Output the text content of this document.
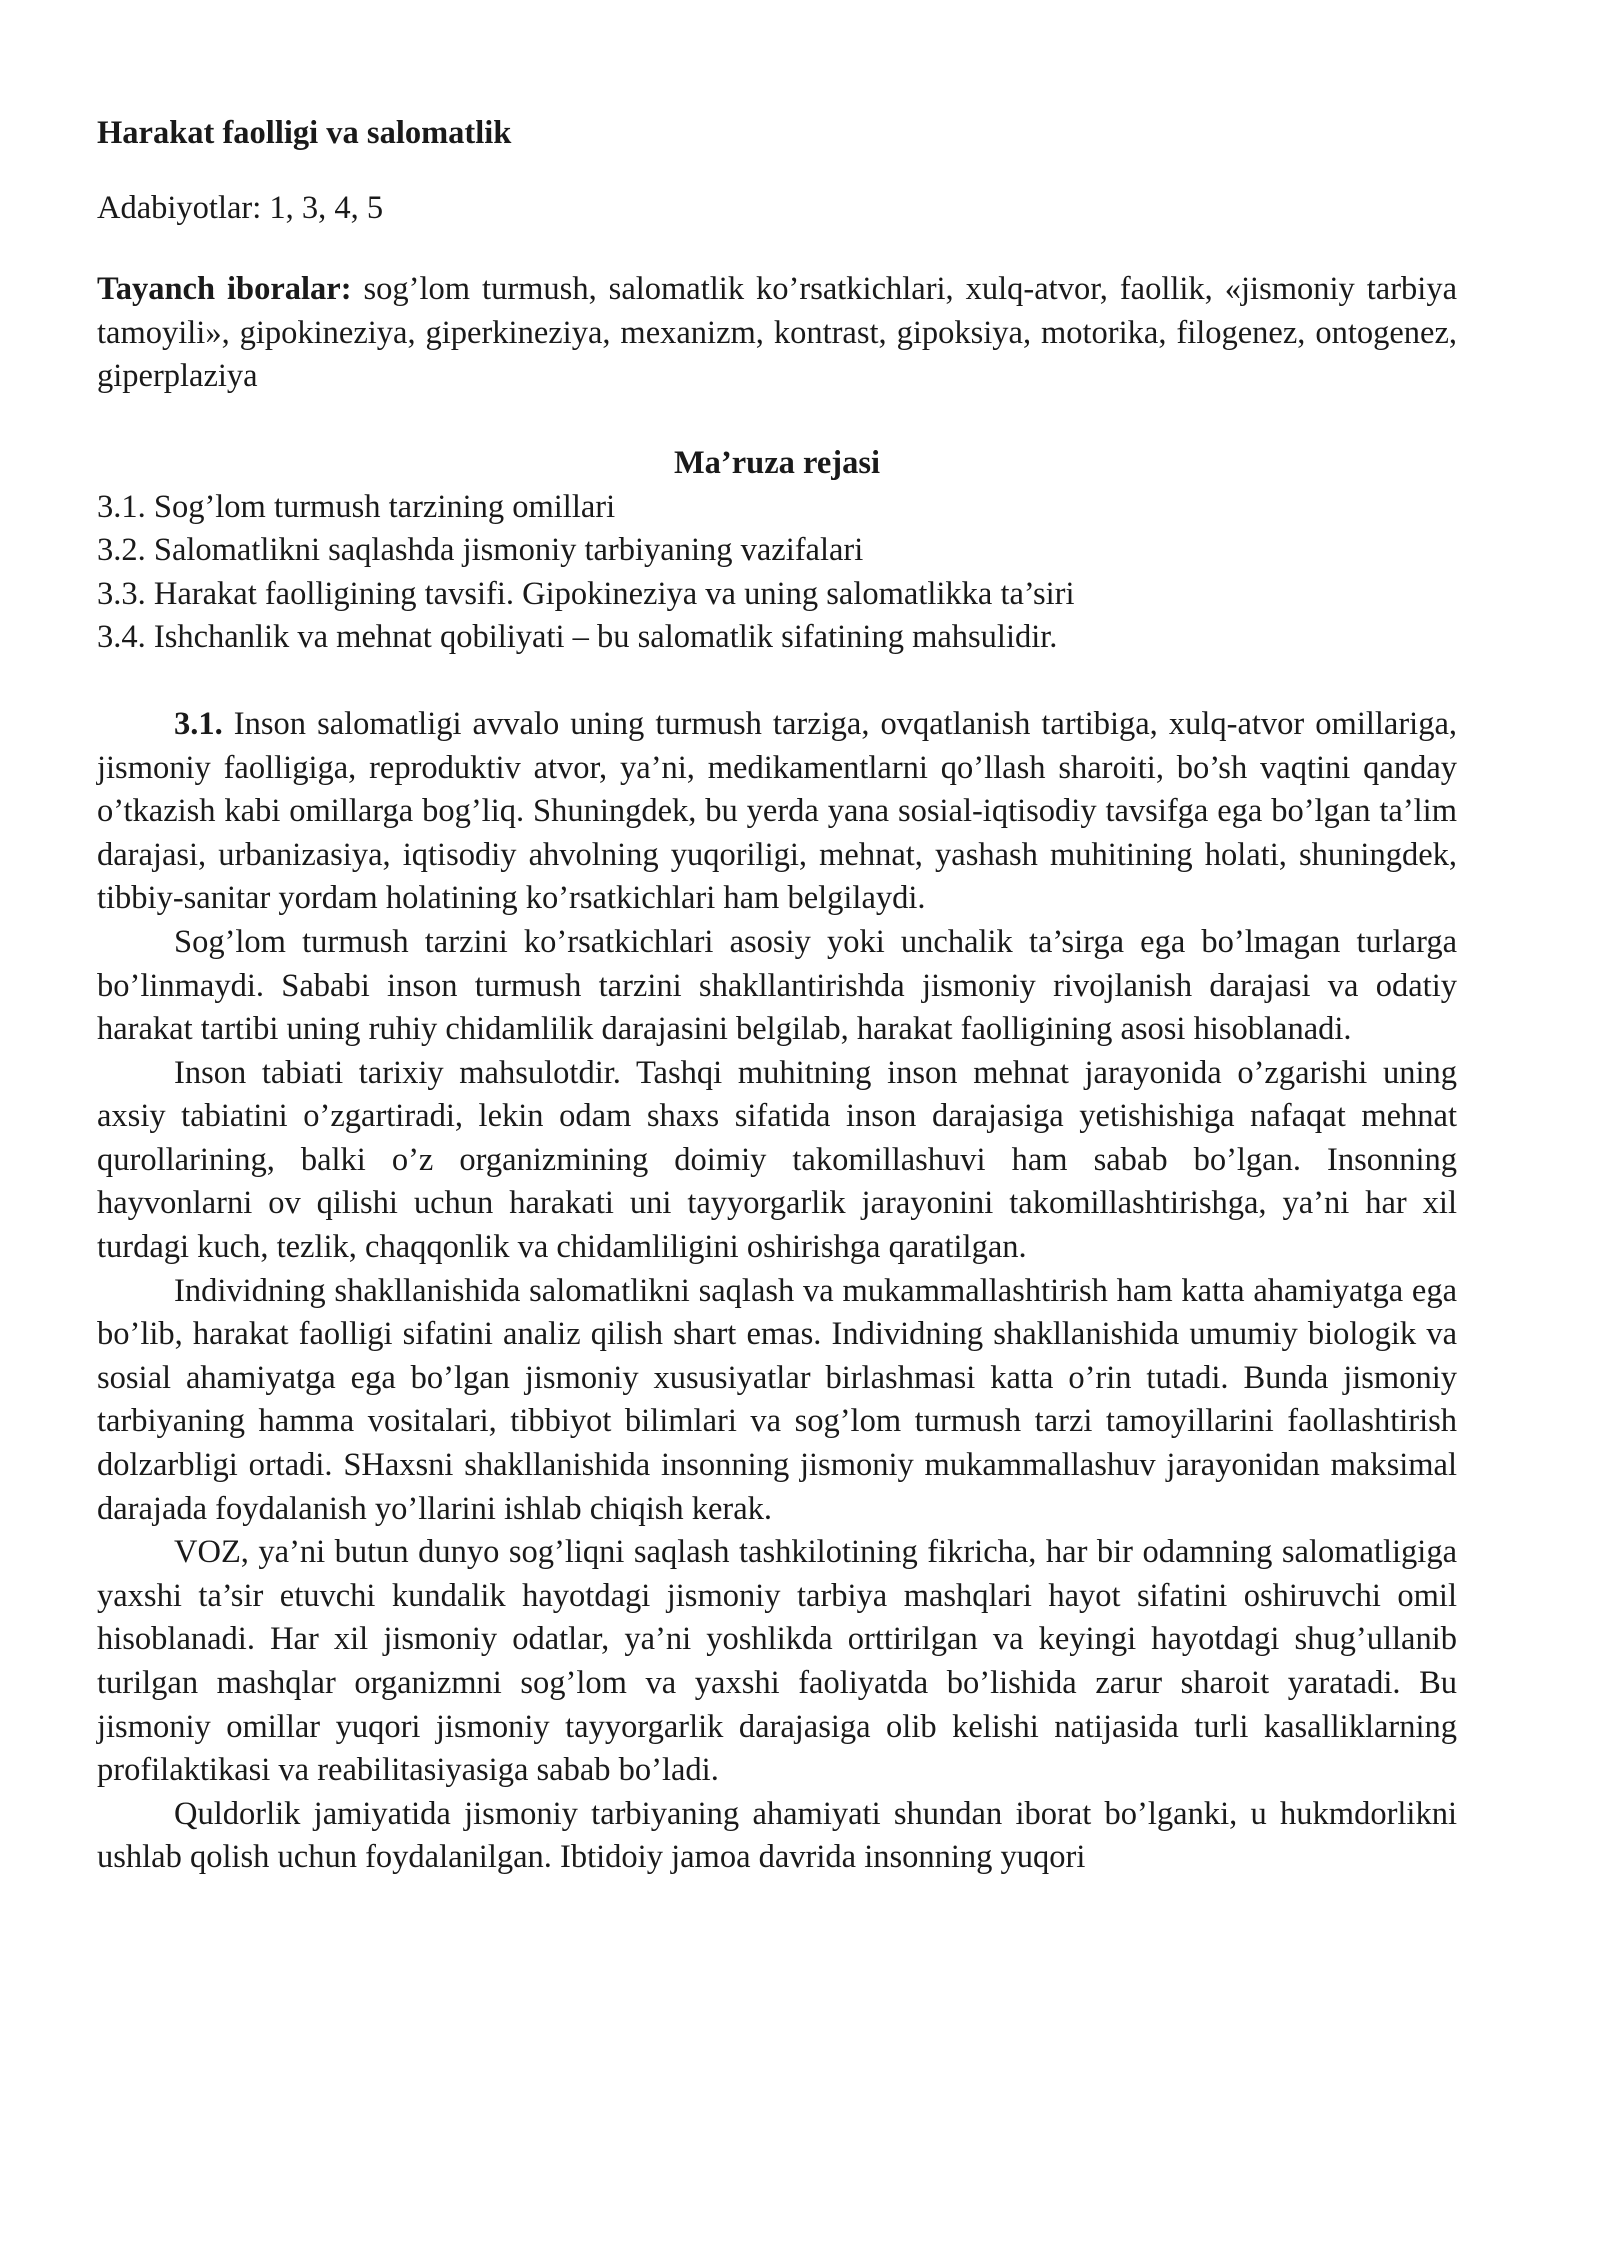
Harakat faolligi va salomatlik

Adabiyotlar: 1, 3, 4, 5

Tayanch iboralar: sog’lom turmush, salomatlik ko’rsatkichlari, xulq-atvor, faollik, «jismoniy tarbiya tamoyili», gipokineziya, giperkineziya, mexanizm, kontrast, gipoksiya, motorika, filogenez, ontogenez, giperplaziya

Ma’ruza rejasi

3.1. Sog’lom turmush tarzining omillari
3.2. Salomatlikni saqlashda jismoniy tarbiyaning vazifalari
3.3. Harakat faolligining tavsifi. Gipokineziya va uning salomatlikka ta’siri
3.4. Ishchanlik va mehnat qobiliyati – bu salomatlik sifatining mahsulidir.

3.1. Inson salomatligi avvalo uning turmush tarziga, ovqatlanish tartibiga, xulq-atvor omillariga, jismoniy faolligiga, reproduktiv atvor, ya’ni, medikamentlarni qo’llash sharoiti, bo’sh vaqtini qanday o’tkazish kabi omillarga bog’liq. Shuningdek, bu yerda yana sosial-iqtisodiy tavsifga ega bo’lgan ta’lim darajasi, urbanizasiya, iqtisodiy ahvolning yuqoriligi, mehnat, yashash muhitining holati, shuningdek, tibbiy-sanitar yordam holatining ko’rsatkichlari ham belgilaydi.

Sog’lom turmush tarzini ko’rsatkichlari asosiy yoki unchalik ta’sirga ega bo’lmagan turlarga bo’linmaydi. Sababi inson turmush tarzini shakllantirishda jismoniy rivojlanish darajasi va odatiy harakat tartibi uning ruhiy chidamlilik darajasini belgilab, harakat faolligining asosi hisoblanadi.

Inson tabiati tarixiy mahsulotdir. Tashqi muhitning inson mehnat jarayonida o’zgarishi uning axsiy tabiatini o’zgartiradi, lekin odam shaxs sifatida inson darajasiga yetishishiga nafaqat mehnat qurollarining, balki o’z organizmining doimiy takomillashuvi ham sabab bo’lgan. Insonning hayvonlarni ov qilishi uchun harakati uni tayyorgarlik jarayonini takomillashtirishga, ya’ni har xil turdagi kuch, tezlik, chaqqonlik va chidamliligini oshirishga qaratilgan.

Individning shakllanishida salomatlikni saqlash va mukammallashtirish ham katta ahamiyatga ega bo’lib, harakat faolligi sifatini analiz qilish shart emas. Individning shakllanishida umumiy biologik va sosial ahamiyatga ega bo’lgan jismoniy xususiyatlar birlashmasi katta o’rin tutadi. Bunda jismoniy tarbiyaning hamma vositalari, tibbiyot bilimlari va sog’lom turmush tarzi tamoyillarini faollashtirish dolzarbligi ortadi. SHaxsni shakllanishida insonning jismoniy mukammallashuv jarayonidan maksimal darajada foydalanish yo’llarini ishlab chiqish kerak.

VOZ, ya’ni butun dunyo sog’liqni saqlash tashkilotining fikricha, har bir odamning salomatligiga yaxshi ta’sir etuvchi kundalik hayotdagi jismoniy tarbiya mashqlari hayot sifatini oshiruvchi omil hisoblanadi. Har xil jismoniy odatlar, ya’ni yoshlikda orttirilgan va keyingi hayotdagi shug’ullanib turilgan mashqlar organizmni sog’lom va yaxshi faoliyatda bo’lishida zarur sharoit yaratadi. Bu jismoniy omillar yuqori jismoniy tayyorgarlik darajasiga olib kelishi natijasida turli kasalliklarning profilaktikasi va reabilitasiyasiga sabab bo’ladi.

Quldorlik jamiyatida jismoniy tarbiyaning ahamiyati shundan iborat bo’lganki, u hukmdorlikni ushlab qolish uchun foydalanilgan. Ibtidoiy jamoa davrida insonning yuqori
